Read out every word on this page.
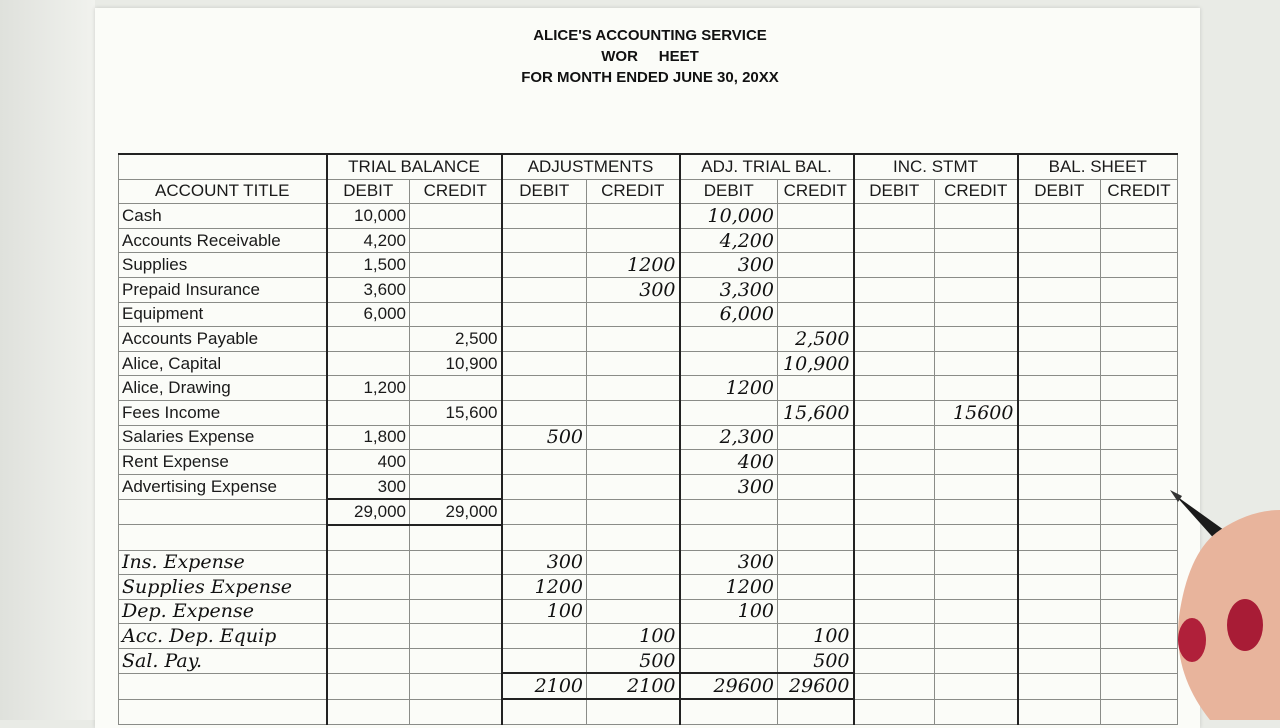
ALICE'S ACCOUNTING SERVICE
WOR     HEET
FOR MONTH ENDED JUNE 30, 20XX
	TRIAL BALANCE		ADJUSTMENTS		ADJ. TRIAL BAL.		INC. STMT		BAL. SHEET	
ACCOUNT TITLE	DEBIT	CREDIT	DEBIT	CREDIT	DEBIT	CREDIT	DEBIT	CREDIT	DEBIT	CREDIT
Cash	10,000				10,000					
Accounts Receivable	4,200				4,200					
Supplies	1,500			1200	300					
Prepaid Insurance	3,600			300	3,300					
Equipment	6,000				6,000					
Accounts Payable		2,500				2,500				
Alice, Capital		10,900				10,900				
Alice, Drawing	1,200				1200					
Fees Income		15,600				15,600		15600		
Salaries Expense	1,800		500		2,300					
Rent Expense	400				400					
Advertising Expense	300				300					
	29,000	29,000								

Ins. Expense			300		300					
Supplies Expense			1200		1200					
Dep. Expense			100		100					
Acc. Dep. Equip				100		100				
Sal. Pay.				500		500				
			2100	2100	29600	29600				
